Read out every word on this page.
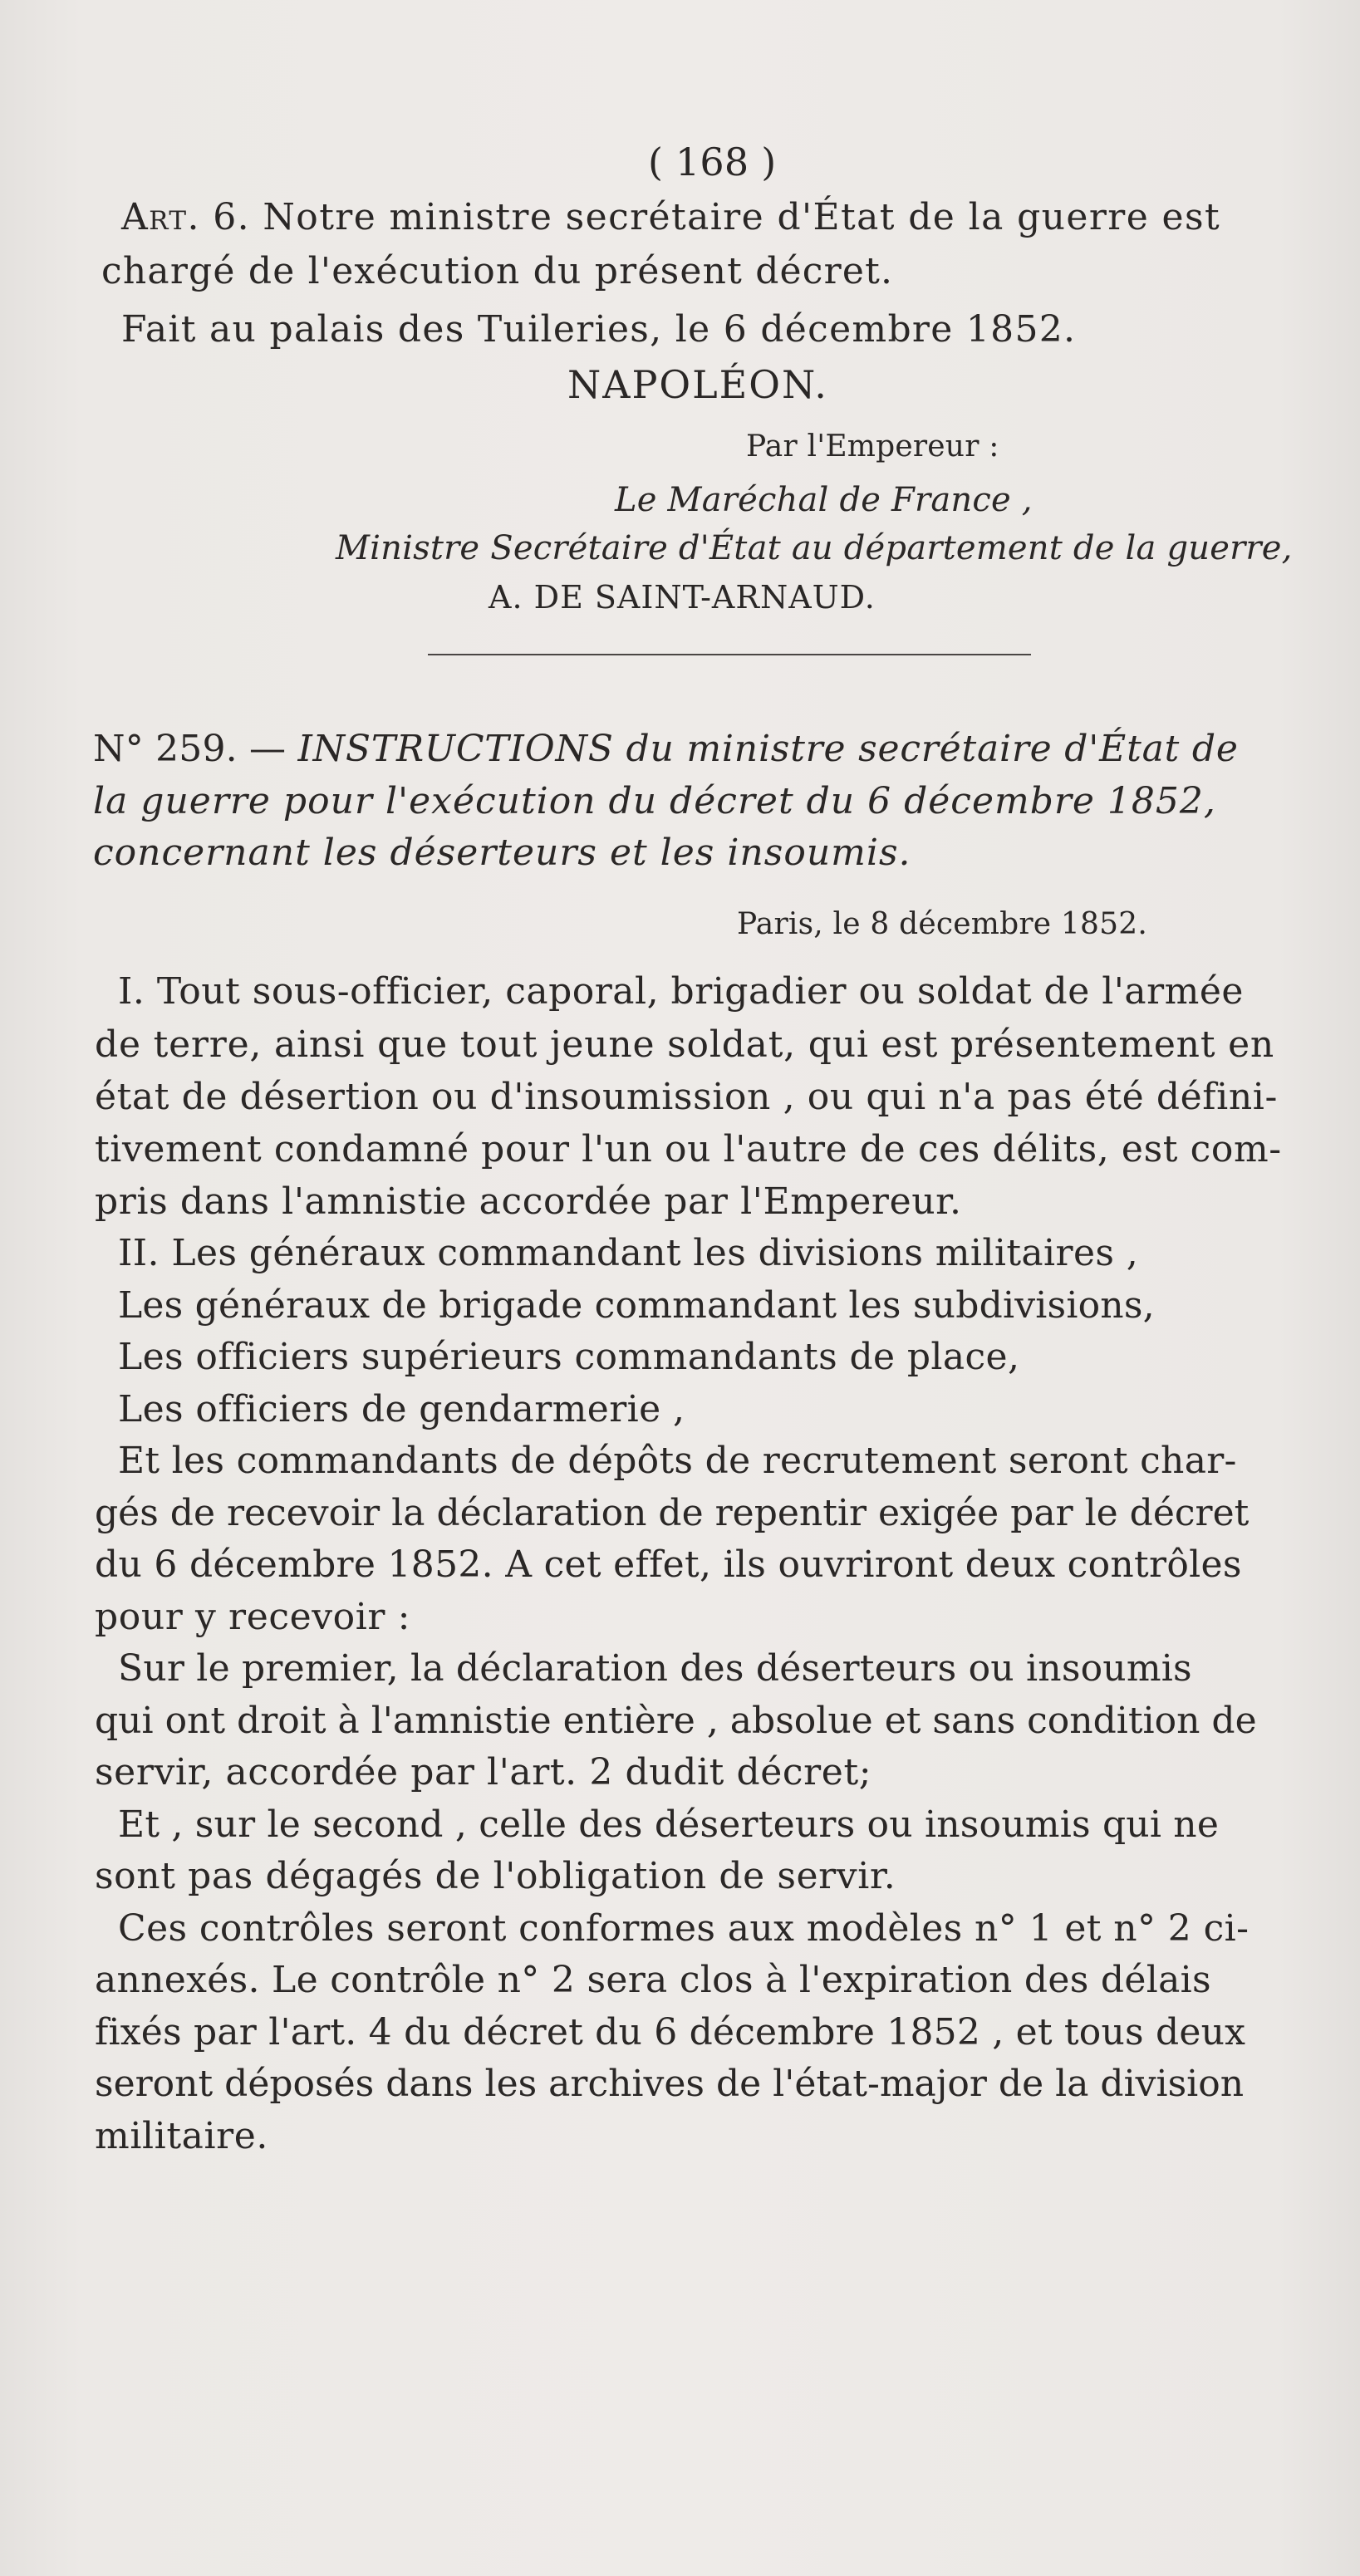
( 168 )
Art. 6. Notre ministre secrétaire d'État de la guerre est
chargé de l'exécution du présent décret.
Fait au palais des Tuileries, le 6 décembre 1852.
NAPOLÉON.
Par l'Empereur :
Le Maréchal de France ,
Ministre Secrétaire d'État au département de la guerre,
A. DE SAINT-ARNAUD.
N° 259. — INSTRUCTIONS du ministre secrétaire d'État de
la guerre pour l'exécution du décret du 6 décembre 1852,
concernant les déserteurs et les insoumis.
Paris, le 8 décembre 1852.
I. Tout sous-officier, caporal, brigadier ou soldat de l'armée
de terre, ainsi que tout jeune soldat, qui est présentement en
état de désertion ou d'insoumission , ou qui n'a pas été défini-
tivement condamné pour l'un ou l'autre de ces délits, est com-
pris dans l'amnistie accordée par l'Empereur.
II. Les généraux commandant les divisions militaires ,
Les généraux de brigade commandant les subdivisions,
Les officiers supérieurs commandants de place,
Les officiers de gendarmerie ,
Et les commandants de dépôts de recrutement seront char-
gés de recevoir la déclaration de repentir exigée par le décret
du 6 décembre 1852. A cet effet, ils ouvriront deux contrôles
pour y recevoir :
Sur le premier, la déclaration des déserteurs ou insoumis
qui ont droit à l'amnistie entière , absolue et sans condition de
servir, accordée par l'art. 2 dudit décret;
Et , sur le second , celle des déserteurs ou insoumis qui ne
sont pas dégagés de l'obligation de servir.
Ces contrôles seront conformes aux modèles n° 1 et n° 2 ci-
annexés. Le contrôle n° 2 sera clos à l'expiration des délais
fixés par l'art. 4 du décret du 6 décembre 1852 , et tous deux
seront déposés dans les archives de l'état-major de la division
militaire.
